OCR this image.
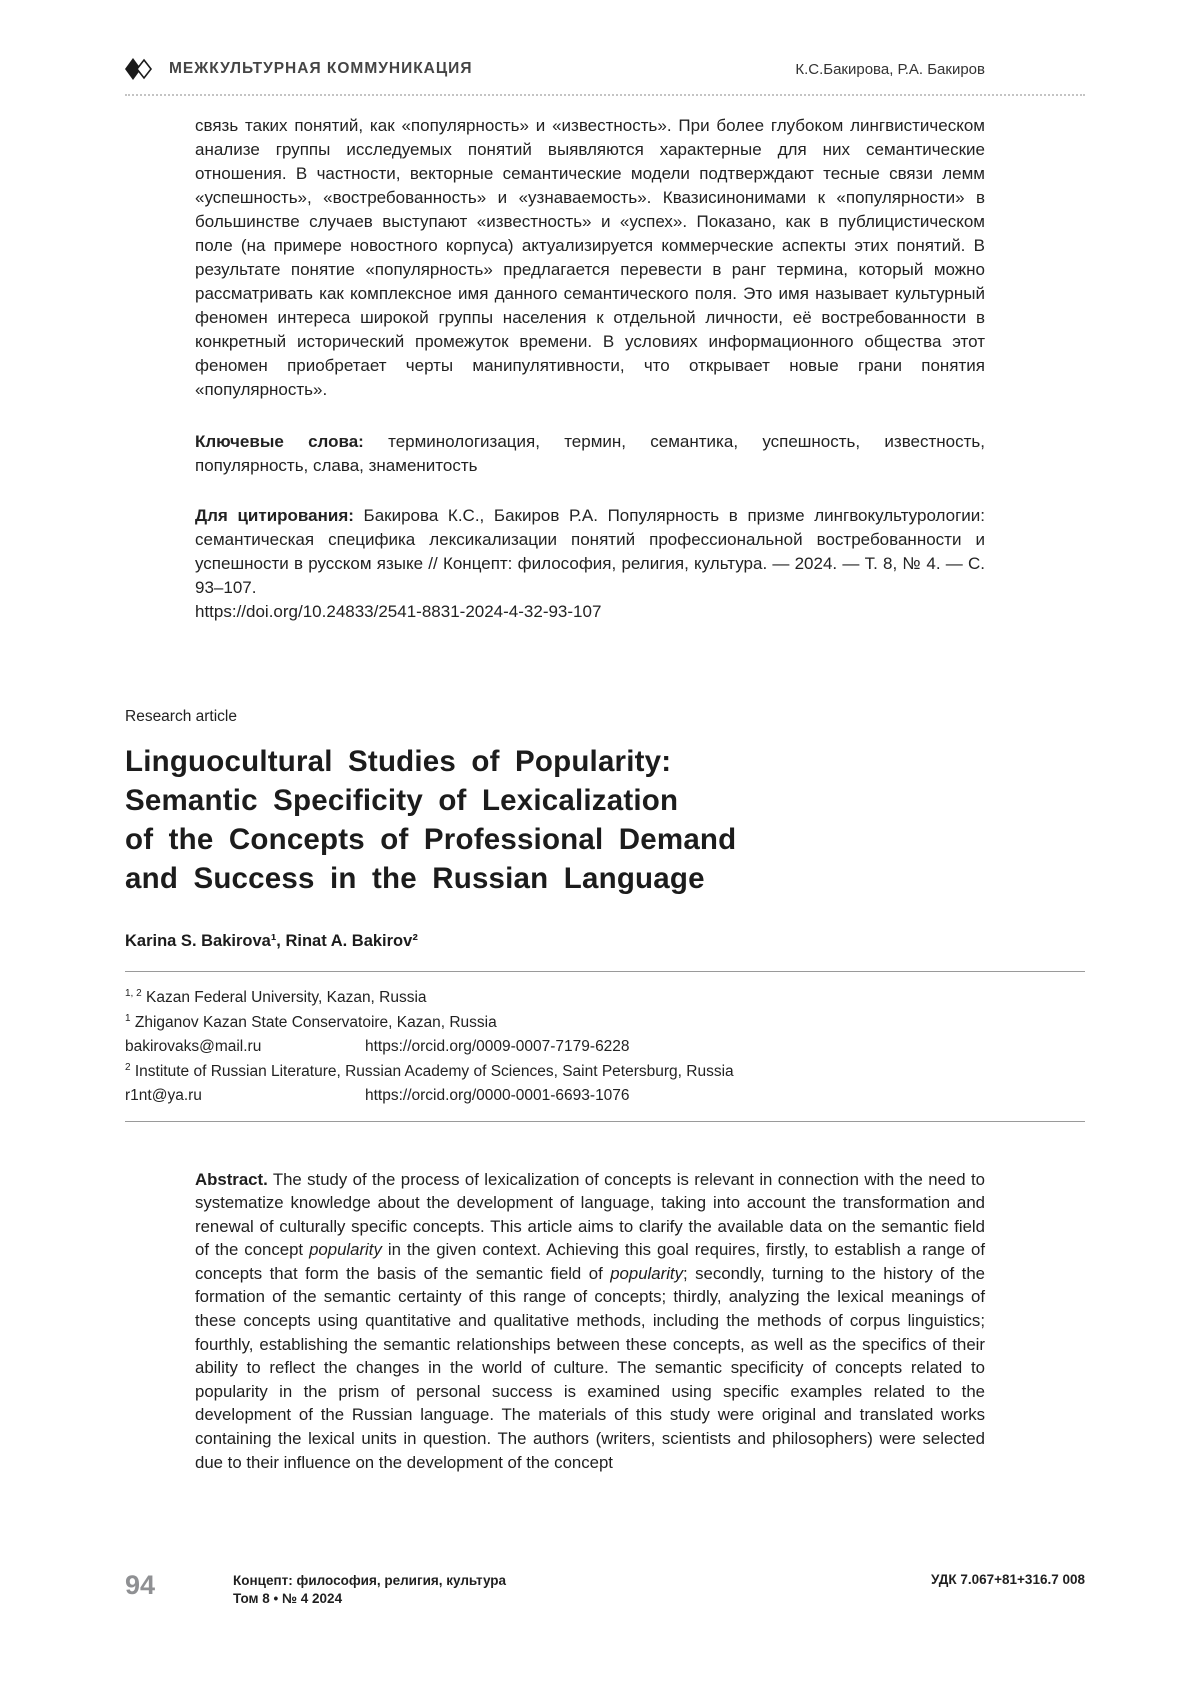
МЕЖКУЛЬТУРНАЯ КОММУНИКАЦИЯ	К.С.Бакирова, Р.А. Бакиров

связь таких понятий, как «популярность» и «известность». При более глубоком лингвистическом анализе группы исследуемых понятий выявляются характерные для них семантические отношения. В частности, векторные семантические модели подтверждают тесные связи лемм «успешность», «востребованность» и «узнаваемость». Квазисинонимами к «популярности» в большинстве случаев выступают «известность» и «успех». Показано, как в публицистическом поле (на примере новостного корпуса) актуализируется коммерческие аспекты этих понятий. В результате понятие «популярность» предлагается перевести в ранг термина, который можно рассматривать как комплексное имя данного семантического поля. Это имя называет культурный феномен интереса широкой группы населения к отдельной личности, её востребованности в конкретный исторический промежуток времени. В условиях информационного общества этот феномен приобретает черты манипулятивности, что открывает новые грани понятия «популярность».

Ключевые слова: терминологизация, термин, семантика, успешность, известность, популярность, слава, знаменитость

Для цитирования: Бакирова К.С., Бакиров Р.А. Популярность в призме лингвокультурологии: семантическая специфика лексикализации понятий профессиональной востребованности и успешности в русском языке // Концепт: философия, религия, культура. — 2024. — Т. 8, № 4. — С. 93–107.
https://doi.org/10.24833/2541-8831-2024-4-32-93-107

Research article
Linguocultural Studies of Popularity:
Semantic Specificity of Lexicalization
of the Concepts of Professional Demand
and Success in the Russian Language
Karina S. Bakirova¹, Rinat A. Bakirov²
$^{1, 2}$ Kazan Federal University, Kazan, Russia
$^1$ Zhiganov Kazan State Conservatoire, Kazan, Russia
bakirovaks@mail.ru	https://orcid.org/0009-0007-7179-6228
$^2$ Institute of Russian Literature, Russian Academy of Sciences, Saint Petersburg, Russia
r1nt@ya.ru	https://orcid.org/0000-0001-6693-1076

Abstract. The study of the process of lexicalization of concepts is relevant in connection with the need to systematize knowledge about the development of language, taking into account the transformation and renewal of culturally specific concepts. This article aims to clarify the available data on the semantic field of the concept popularity in the given context. Achieving this goal requires, firstly, to establish a range of concepts that form the basis of the semantic field of popularity; secondly, turning to the history of the formation of the semantic certainty of this range of concepts; thirdly, analyzing the lexical meanings of these concepts using quantitative and qualitative methods, including the methods of corpus linguistics; fourthly, establishing the semantic relationships between these concepts, as well as the specifics of their ability to reflect the changes in the world of culture. The semantic specificity of concepts related to popularity in the prism of personal success is examined using specific examples related to the development of the Russian language. The materials of this study were original and translated works containing the lexical units in question. The authors (writers, scientists and philosophers) were selected due to their influence on the development of the concept

94	Концепт: философия, религия, культура
Том 8 • № 4 2024
УДК 7.067+81+316.7 008
